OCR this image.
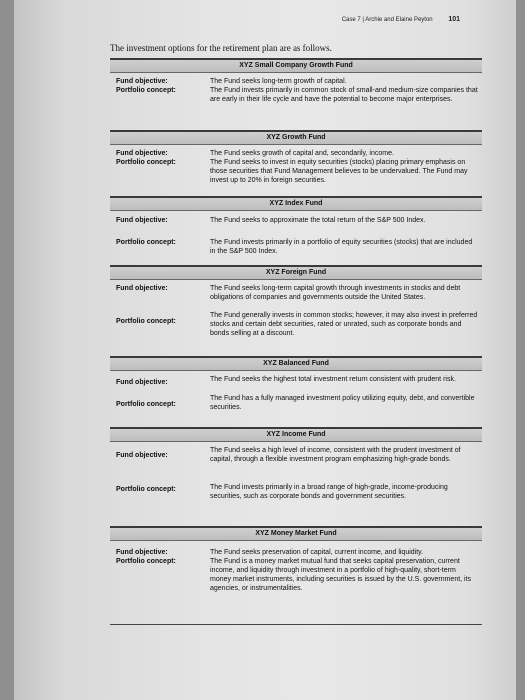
Case 7 | Archie and Elaine Peyton 101

The investment options for the retirement plan are as follows.

XYZ Small Company Growth Fund
Fund objective:	The Fund seeks long-term growth of capital.
Portfolio concept:	The Fund invests primarily in common stock of small-and medium-size companies that are early in their life cycle and have the potential to become major enterprises.
XYZ Growth Fund
Fund objective:	The Fund seeks growth of capital and, secondarily, income.
Portfolio concept:	The Fund seeks to invest in equity securities (stocks) placing primary emphasis on those securities that Fund Management believes to be undervalued. The Fund may invest up to 20% in foreign securities.
XYZ Index Fund
Fund objective:	The Fund seeks to approximate the total return of the S&P 500 Index.
Portfolio concept:	The Fund invests primarily in a portfolio of equity securities (stocks) that are included in the S&P 500 Index.
XYZ Foreign Fund
Fund objective:	The Fund seeks long-term capital growth through investments in stocks and debt obligations of companies and governments outside the United States.
Portfolio concept:
The Fund generally invests in common stocks; however, it may also invest in preferred stocks and certain debt securities, rated or unrated, such as corporate bonds and bonds selling at a discount.
XYZ Balanced Fund
Fund objective:	The Fund seeks the highest total investment return consistent with prudent risk.
Portfolio concept:
The Fund has a fully managed investment policy utilizing equity, debt, and convertible securities.
XYZ Income Fund
Fund objective:
The Fund seeks a high level of income, consistent with the prudent investment of capital, through a flexible investment program emphasizing high-grade bonds.
Portfolio concept:	The Fund invests primarily in a broad range of high-grade, income-producing securities, such as corporate bonds and government securities.
XYZ Money Market Fund
Fund objective:	The Fund seeks preservation of capital, current income, and liquidity.
Portfolio concept:	The Fund is a money market mutual fund that seeks capital preservation, current income, and liquidity through investment in a portfolio of high-quality, short-term money market instruments, including securities is issued by the U.S. government, its agencies, or instrumentalities.
